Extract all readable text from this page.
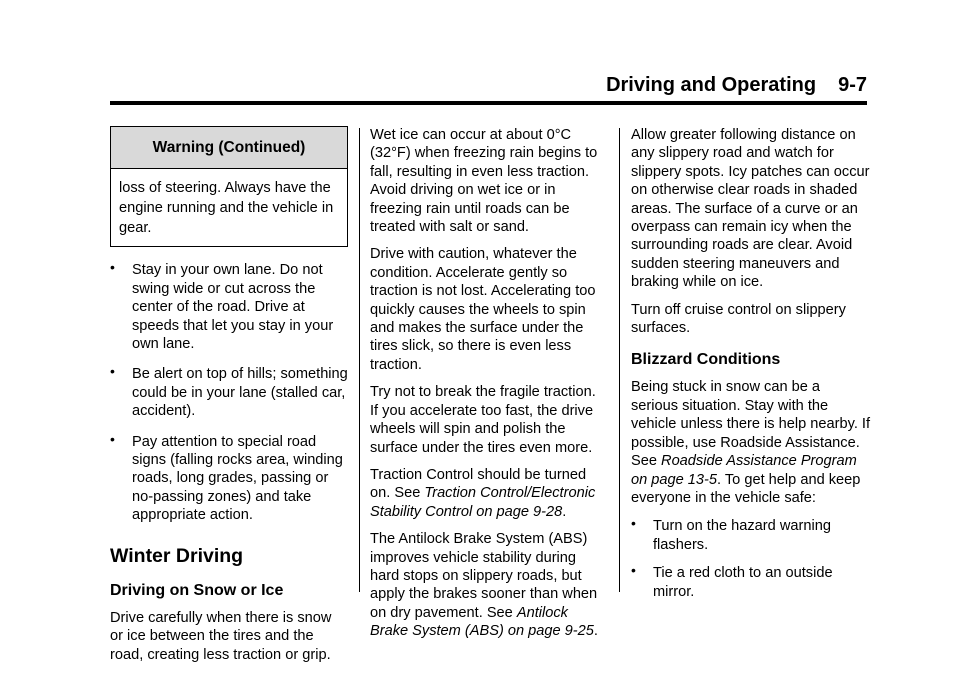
Driving and Operating 9-7
Warning (Continued)
loss of steering. Always have the engine running and the vehicle in gear.
• Stay in your own lane. Do not swing wide or cut across the center of the road. Drive at speeds that let you stay in your own lane.
• Be alert on top of hills; something could be in your lane (stalled car, accident).
• Pay attention to special road signs (falling rocks area, winding roads, long grades, passing or no-passing zones) and take appropriate action.
Winter Driving
Driving on Snow or Ice

Drive carefully when there is snow or ice between the tires and the road, creating less traction or grip.

Wet ice can occur at about 0°C (32°F) when freezing rain begins to fall, resulting in even less traction. Avoid driving on wet ice or in freezing rain until roads can be treated with salt or sand.

Drive with caution, whatever the condition. Accelerate gently so traction is not lost. Accelerating too quickly causes the wheels to spin and makes the surface under the tires slick, so there is even less traction.

Try not to break the fragile traction. If you accelerate too fast, the drive wheels will spin and polish the surface under the tires even more.

Traction Control should be turned on. See Traction Control/Electronic Stability Control on page 9-28.

The Antilock Brake System (ABS) improves vehicle stability during hard stops on slippery roads, but apply the brakes sooner than when on dry pavement. See Antilock Brake System (ABS) on page 9-25.

Allow greater following distance on any slippery road and watch for slippery spots. Icy patches can occur on otherwise clear roads in shaded areas. The surface of a curve or an overpass can remain icy when the surrounding roads are clear. Avoid sudden steering maneuvers and braking while on ice.

Turn off cruise control on slippery surfaces.

Blizzard Conditions

Being stuck in snow can be a serious situation. Stay with the vehicle unless there is help nearby. If possible, use Roadside Assistance. See Roadside Assistance Program on page 13-5. To get help and keep everyone in the vehicle safe:

• Turn on the hazard warning flashers.
• Tie a red cloth to an outside mirror.
